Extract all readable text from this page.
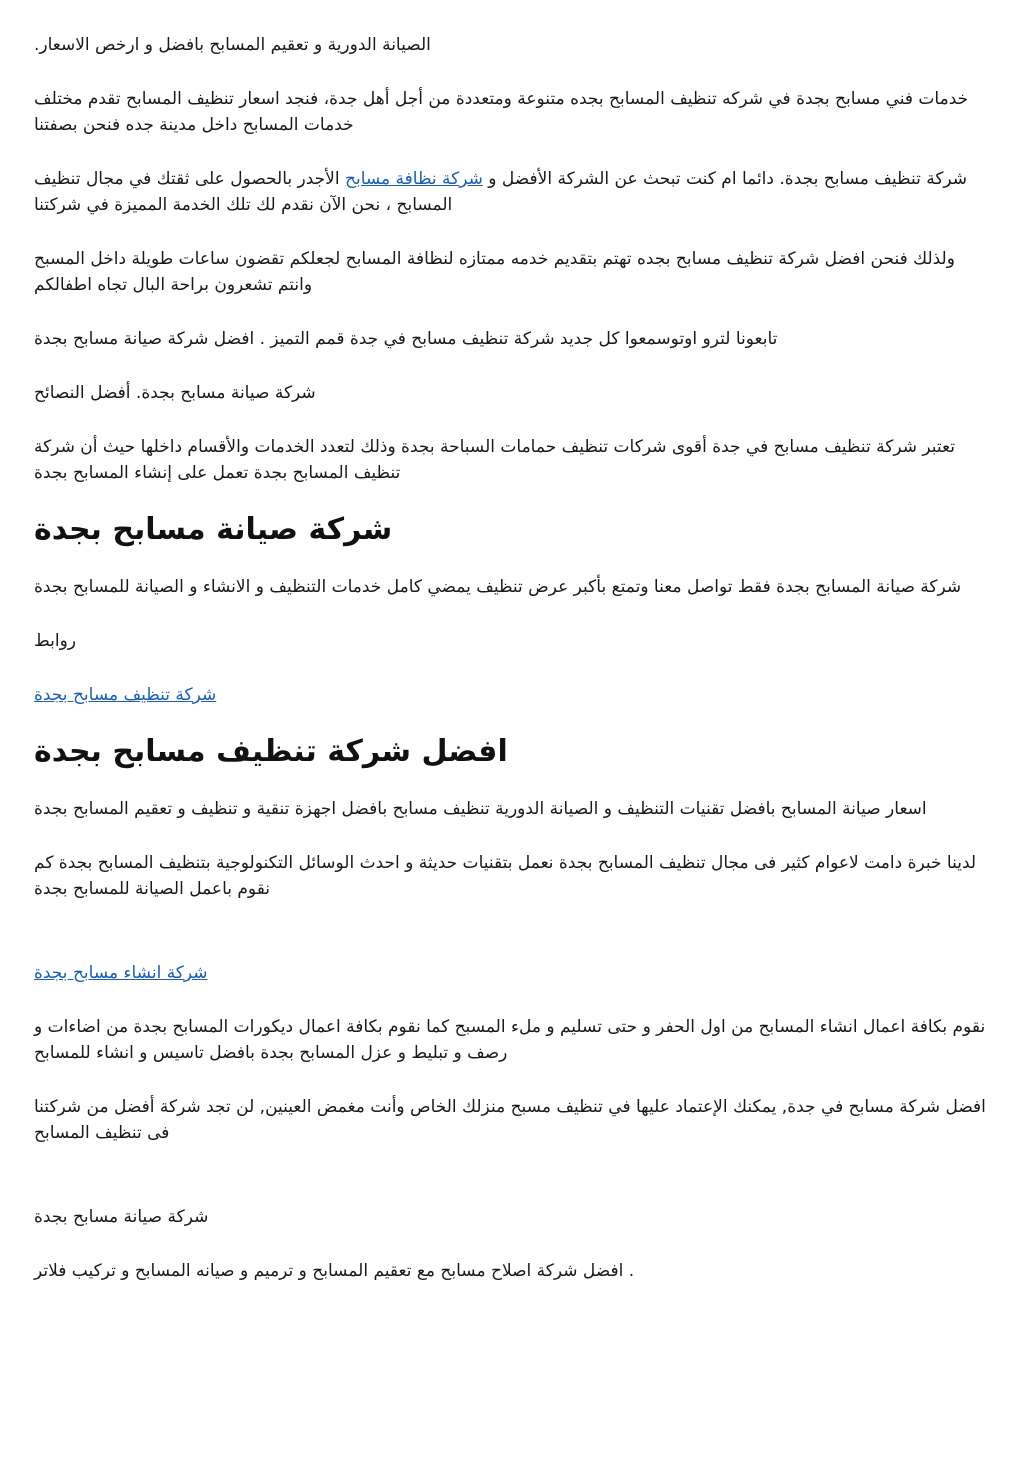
الصيانة الدورية و تعقيم المسابح بافضل و ارخص الاسعار.

خدمات فني مسابح بجدة في شركه تنظيف المسابح بجده متنوعة ومتعددة من أجل أهل جدة، فنجد اسعار تنظيف المسابح تقدم مختلف خدمات المسابح داخل مدينة جده فنحن بصفتنا

شركة تنظيف مسابح بجدة. دائما ام كنت تبحث عن الشركة الأفضل و شركة نظافة مسابح الأجدر بالحصول على ثقتك في مجال تنظيف المسابح ، نحن الآن نقدم لك تلك الخدمة المميزة في شركتنا

ولذلك فنحن افضل شركة تنظيف مسابح بجده تهتم بتقديم خدمه ممتازه لنظافة المسابح لجعلكم تقضون ساعات طويلة داخل المسبح وانتم تشعرون براحة البال تجاه اطفالكم

تابعونا لترو اوتوسمعوا كل جديد شركة تنظيف مسابح في جدة قمم التميز . افضل شركة صيانة مسابح بجدة

شركة صيانة مسابح بجدة. أفضل النصائح

تعتبر شركة تنظيف مسابح في جدة أقوى شركات تنظيف حمامات السباحة بجدة وذلك لتعدد الخدمات والأقسام داخلها حيث أن شركة تنظيف المسابح بجدة تعمل على إنشاء المسابح بجدة

شركة صيانة مسابح بجدة

شركة صيانة المسابح بجدة فقط تواصل معنا وتمتع بأكبر عرض تنظيف يمضي كامل خدمات التنظيف و الانشاء و الصيانة للمسابح بجدة

روابط

شركة تنظيف مسابح بجدة

افضل شركة تنظيف مسابح بجدة

اسعار صيانة المسابح بافضل تقنيات التنظيف و الصيانة الدورية تنظيف مسابح بافضل اجهزة تنقية و تنظيف و تعقيم المسابح بجدة

لدينا خبرة دامت لاعوام كثير فى مجال تنظيف المسابح بجدة نعمل بتقنيات حديثة و احدث الوسائل التكنولوجية بتنظيف المسابح بجدة كم نقوم باعمل الصيانة للمسابح بجدة

شركة انشاء مسابح بجدة

نقوم بكافة اعمال انشاء المسابح من اول الحفر و حتى تسليم و ملء المسبح كما نقوم بكافة اعمال ديكورات المسابح بجدة من اضاءات و رصف و تبليط و عزل المسابح بجدة بافضل تاسيس و انشاء للمسابح

افضل شركة مسابح في جدة, يمكنك الإعتماد عليها في تنظيف مسبح منزلك الخاص وأنت مغمض العينين, لن تجد شركة أفضل من شركتنا فى تنظيف المسابح

شركة صيانة مسابح بجدة

. افضل شركة اصلاح مسابح مع تعقيم المسابح و ترميم و صيانه المسابح و تركيب فلاتر
